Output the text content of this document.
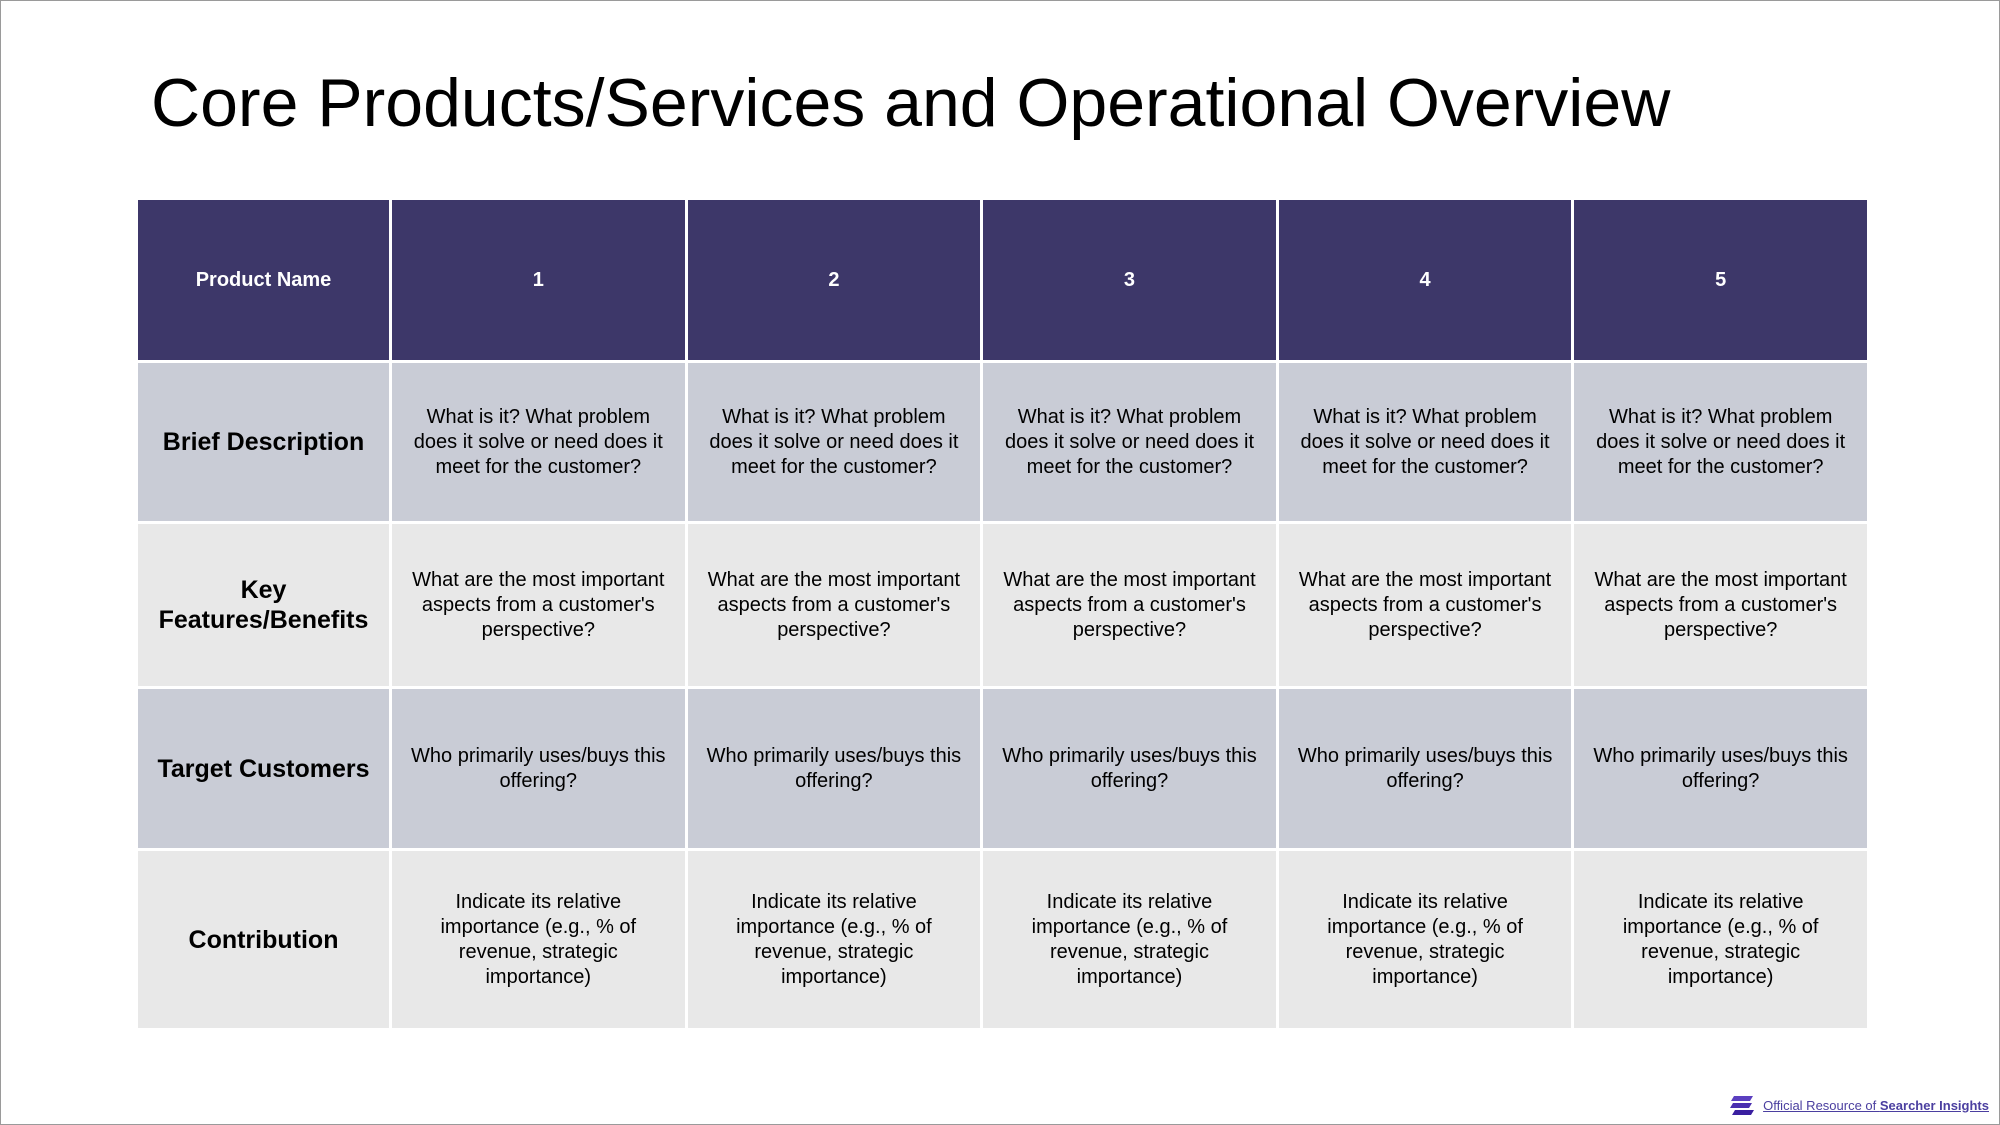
Core Products/Services and Operational Overview
Product Name	1	2	3	4	5
Brief Description	What is it? What problem does it solve or need does it meet for the customer?	What is it? What problem does it solve or need does it meet for the customer?	What is it? What problem does it solve or need does it meet for the customer?	What is it? What problem does it solve or need does it meet for the customer?	What is it? What problem does it solve or need does it meet for the customer?
Key Features/Benefits	What are the most important aspects from a customer's perspective?	What are the most important aspects from a customer's perspective?	What are the most important aspects from a customer's perspective?	What are the most important aspects from a customer's perspective?	What are the most important aspects from a customer's perspective?
Target Customers	Who primarily uses/buys this offering?	Who primarily uses/buys this offering?	Who primarily uses/buys this offering?	Who primarily uses/buys this offering?	Who primarily uses/buys this offering?
Contribution	Indicate its relative importance (e.g., % of revenue, strategic importance)	Indicate its relative importance (e.g., % of revenue, strategic importance)	Indicate its relative importance (e.g., % of revenue, strategic importance)	Indicate its relative importance (e.g., % of revenue, strategic importance)	Indicate its relative importance (e.g., % of revenue, strategic importance)
Official Resource of Searcher Insights
